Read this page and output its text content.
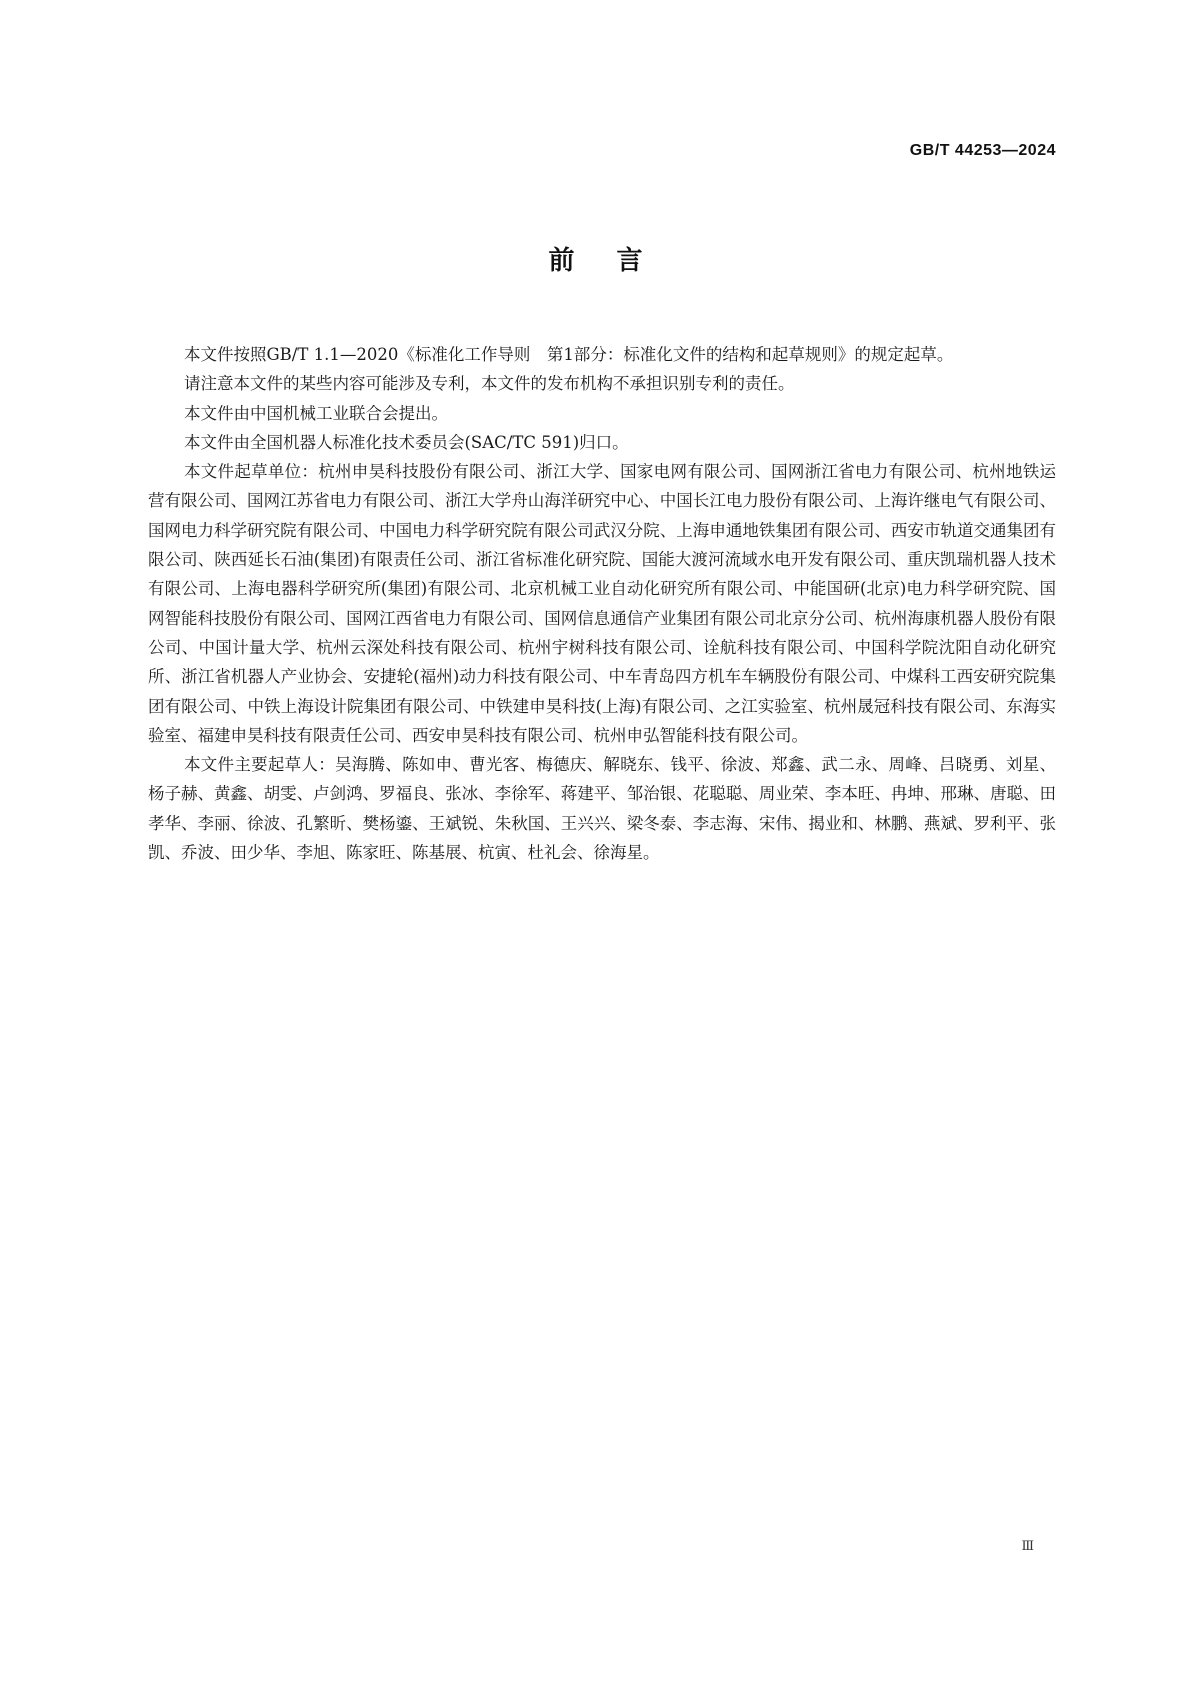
GB/T 44253—2024
前言

本文件按照GB/T 1.1—2020《标准化工作导则　第1部分：标准化文件的结构和起草规则》的规定起草。

请注意本文件的某些内容可能涉及专利，本文件的发布机构不承担识别专利的责任。

本文件由中国机械工业联合会提出。

本文件由全国机器人标准化技术委员会(SAC/TC 591)归口。

本文件起草单位：杭州申昊科技股份有限公司、浙江大学、国家电网有限公司、国网浙江省电力有限公司、杭州地铁运营有限公司、国网江苏省电力有限公司、浙江大学舟山海洋研究中心、中国长江电力股份有限公司、上海许继电气有限公司、国网电力科学研究院有限公司、中国电力科学研究院有限公司武汉分院、上海申通地铁集团有限公司、西安市轨道交通集团有限公司、陕西延长石油(集团)有限责任公司、浙江省标准化研究院、国能大渡河流域水电开发有限公司、重庆凯瑞机器人技术有限公司、上海电器科学研究所(集团)有限公司、北京机械工业自动化研究所有限公司、中能国研(北京)电力科学研究院、国网智能科技股份有限公司、国网江西省电力有限公司、国网信息通信产业集团有限公司北京分公司、杭州海康机器人股份有限公司、中国计量大学、杭州云深处科技有限公司、杭州宇树科技有限公司、诠航科技有限公司、中国科学院沈阳自动化研究所、浙江省机器人产业协会、安捷轮(福州)动力科技有限公司、中车青岛四方机车车辆股份有限公司、中煤科工西安研究院集团有限公司、中铁上海设计院集团有限公司、中铁建申昊科技(上海)有限公司、之江实验室、杭州晟冠科技有限公司、东海实验室、福建申昊科技有限责任公司、西安申昊科技有限公司、杭州申弘智能科技有限公司。

本文件主要起草人：吴海腾、陈如申、曹光客、梅德庆、解晓东、钱平、徐波、郑鑫、武二永、周峰、吕晓勇、刘星、杨子赫、黄鑫、胡雯、卢剑鸿、罗福良、张冰、李徐军、蒋建平、邹治银、花聪聪、周业荣、李本旺、冉坤、邢琳、唐聪、田孝华、李丽、徐波、孔繁昕、樊杨鎏、王斌锐、朱秋国、王兴兴、梁冬泰、李志海、宋伟、揭业和、林鹏、燕斌、罗利平、张凯、乔波、田少华、李旭、陈家旺、陈基展、杭寅、杜礼会、徐海星。

Ⅲ
